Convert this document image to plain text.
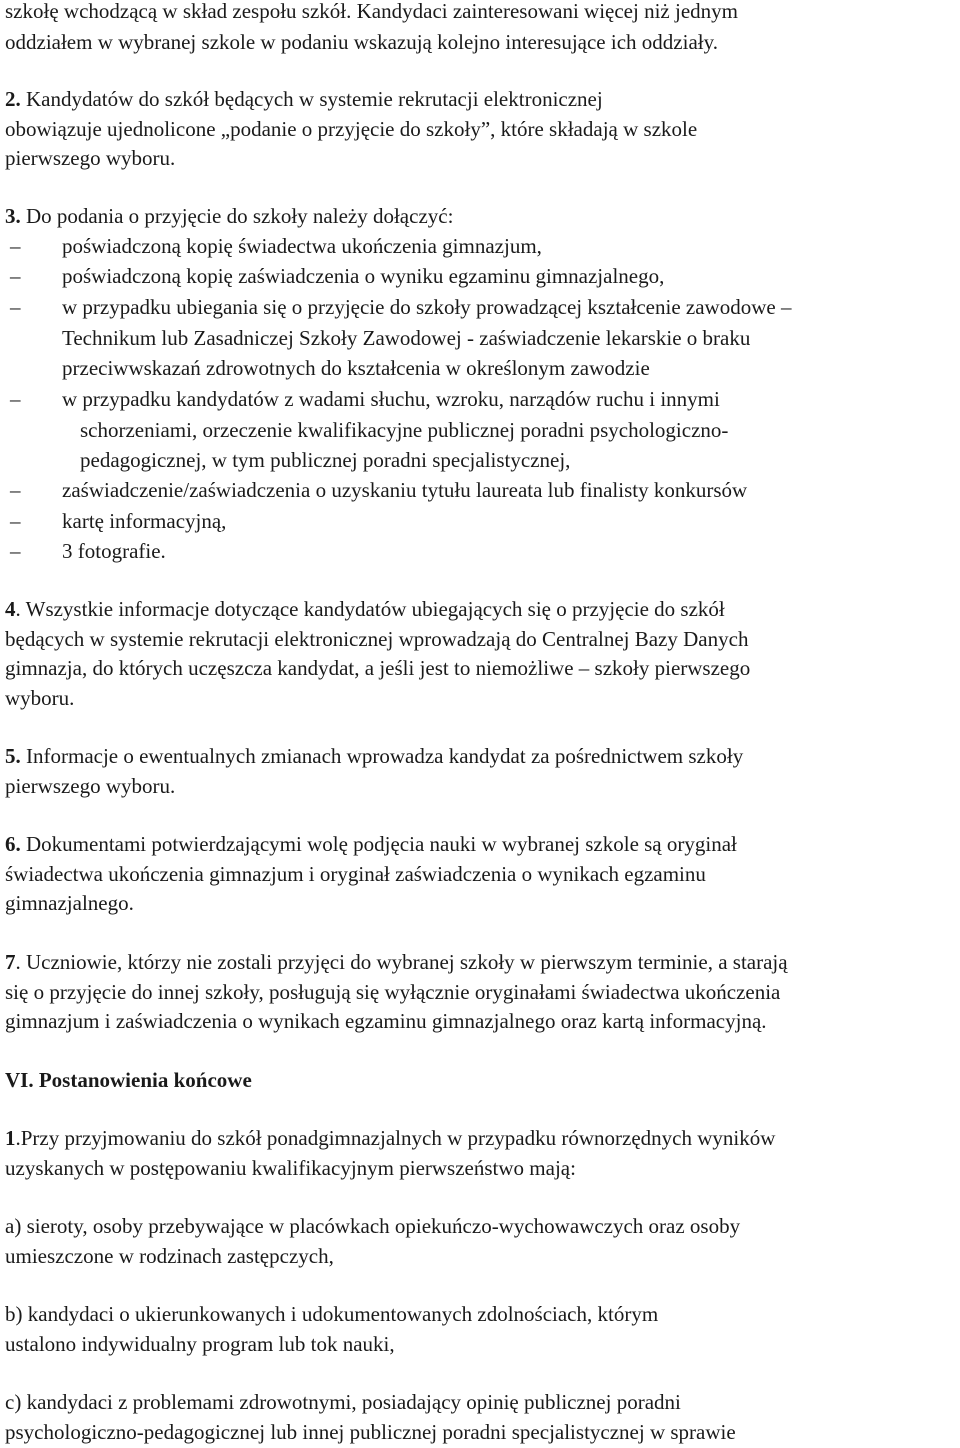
szkołę wchodzącą w skład zespołu szkół. Kandydaci zainteresowani więcej niż jednym
oddziałem w wybranej szkole w podaniu wskazują kolejno interesujące ich oddziały.
2. Kandydatów do szkół będących w systemie rekrutacji elektronicznej
obowiązuje ujednolicone „podanie o przyjęcie do szkoły”, które składają w szkole
pierwszego wyboru.
3. Do podania o przyjęcie do szkoły należy dołączyć:
– poświadczoną kopię świadectwa ukończenia gimnazjum,
– poświadczoną kopię zaświadczenia o wyniku egzaminu gimnazjalnego,
– w przypadku ubiegania się o przyjęcie do szkoły prowadzącej kształcenie zawodowe –
Technikum lub Zasadniczej Szkoły Zawodowej - zaświadczenie lekarskie o braku
przeciwwskazań zdrowotnych do kształcenia w określonym zawodzie
– w przypadku kandydatów z wadami słuchu, wzroku, narządów ruchu i innymi
schorzeniami, orzeczenie kwalifikacyjne publicznej poradni psychologiczno-
pedagogicznej, w tym publicznej poradni specjalistycznej,
– zaświadczenie/zaświadczenia o uzyskaniu tytułu laureata lub finalisty konkursów
– kartę informacyjną,
– 3 fotografie.
4. Wszystkie informacje dotyczące kandydatów ubiegających się o przyjęcie do szkół
będących w systemie rekrutacji elektronicznej wprowadzają do Centralnej Bazy Danych
gimnazja, do których uczęszcza kandydat, a jeśli jest to niemożliwe – szkoły pierwszego
wyboru.
5. Informacje o ewentualnych zmianach wprowadza kandydat za pośrednictwem szkoły
pierwszego wyboru.
6. Dokumentami potwierdzającymi wolę podjęcia nauki w wybranej szkole są oryginał
świadectwa ukończenia gimnazjum i oryginał zaświadczenia o wynikach egzaminu
gimnazjalnego.
7. Uczniowie, którzy nie zostali przyjęci do wybranej szkoły w pierwszym terminie, a starają
się o przyjęcie do innej szkoły, posługują się wyłącznie oryginałami świadectwa ukończenia
gimnazjum i zaświadczenia o wynikach egzaminu gimnazjalnego oraz kartą informacyjną.
VI. Postanowienia końcowe
1.Przy przyjmowaniu do szkół ponadgimnazjalnych w przypadku równorzędnych wyników
uzyskanych w postępowaniu kwalifikacyjnym pierwszeństwo mają:
a) sieroty, osoby przebywające w placówkach opiekuńczo-wychowawczych oraz osoby
umieszczone w rodzinach zastępczych,
b) kandydaci o ukierunkowanych i udokumentowanych zdolnościach, którym
ustalono indywidualny program lub tok nauki,
c) kandydaci z problemami zdrowotnymi, posiadający opinię publicznej poradni
psychologiczno-pedagogicznej lub innej publicznej poradni specjalistycznej w sprawie
